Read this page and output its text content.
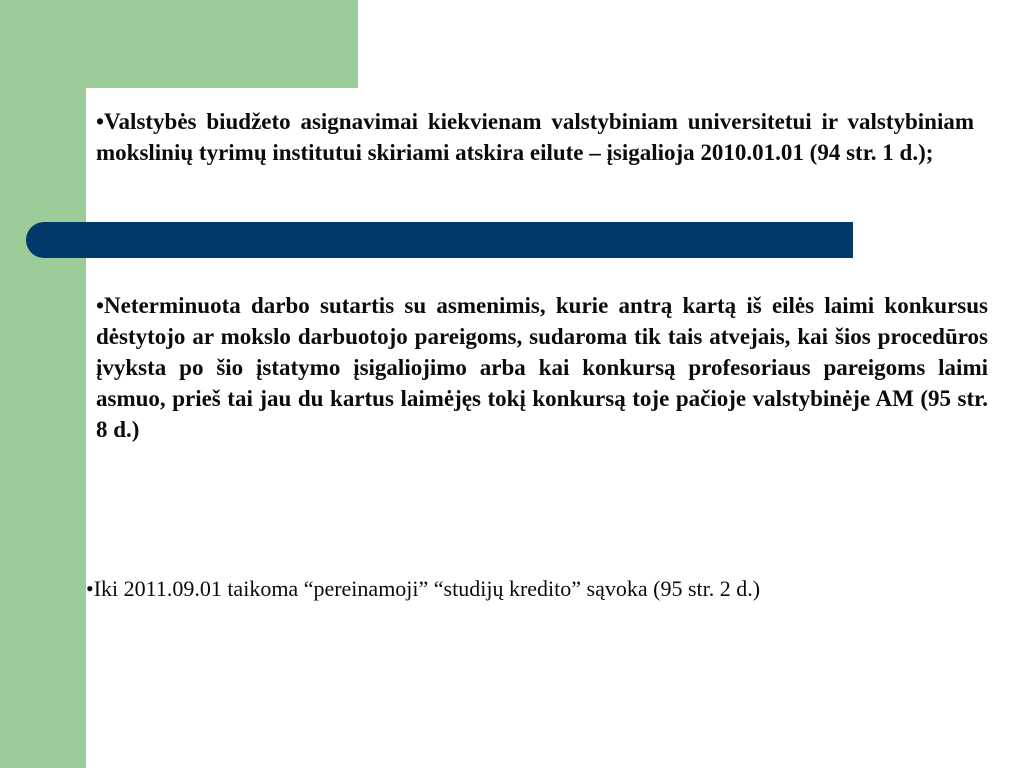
•Valstybės biudžeto asignavimai kiekvienam valstybiniam universitetui ir valstybiniam mokslinių tyrimų institutui skiriami atskira eilute – įsigalioja 2010.01.01 (94 str. 1 d.);

•Neterminuota darbo sutartis su asmenimis, kurie antrą kartą iš eilės laimi konkursus dėstytojo ar mokslo darbuotojo pareigoms, sudaroma tik tais atvejais, kai šios procedūros įvyksta po šio įstatymo įsigaliojimo arba kai konkursą profesoriaus pareigoms laimi asmuo, prieš tai jau du kartus laimėjęs tokį konkursą toje pačioje valstybinėje AM (95 str. 8 d.)

•Iki 2011.09.01 taikoma “pereinamoji” “studijų kredito” sąvoka (95 str. 2 d.)
